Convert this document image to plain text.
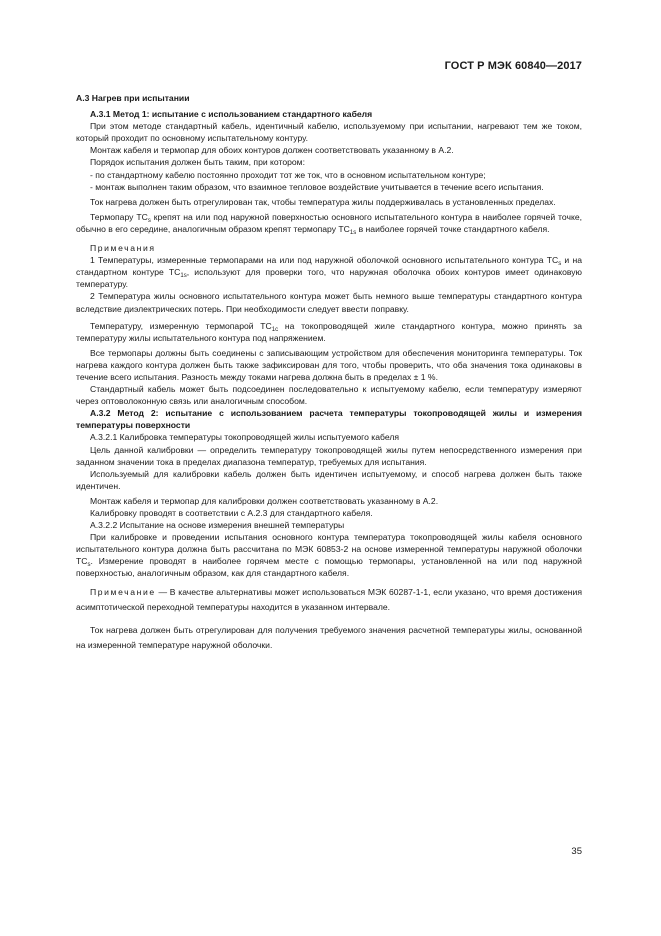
ГОСТ Р МЭК 60840—2017
А.3 Нагрев при испытании
А.3.1 Метод 1: испытание с использованием стандартного кабеля

При этом методе стандартный кабель, идентичный кабелю, используемому при испытании, нагревают тем же током, который проходит по основному испытательному контуру.

Монтаж кабеля и термопар для обоих контуров должен соответствовать указанному в А.2.

Порядок испытания должен быть таким, при котором:

- по стандартному кабелю постоянно проходит тот же ток, что в основном испытательном контуре;

- монтаж выполнен таким образом, что взаимное тепловое воздействие учитывается в течение всего испытания.

Ток нагрева должен быть отрегулирован так, чтобы температура жилы поддерживалась в установленных пределах.

Термопару $TC_s$ крепят на или под наружной поверхностью основного испытательного контура в наиболее горячей точке, обычно в его середине, аналогичным образом крепят термопару $TC_{1s}$ в наиболее горячей точке стандартного кабеля.

Примечания

1 Температуры, измеренные термопарами на или под наружной оболочкой основного испытательного контура $TC_s$ и на стандартном контуре $TC_{1s}$, используют для проверки того, что наружная оболочка обоих контуров имеет одинаковую температуру.

2 Температура жилы основного испытательного контура может быть немного выше температуры стандартного контура вследствие диэлектрических потерь. При необходимости следует ввести поправку.

Температуру, измеренную термопарой $TC_{1c}$ на токопроводящей жиле стандартного контура, можно принять за температуру жилы испытательного контура под напряжением.

Все термопары должны быть соединены с записывающим устройством для обеспечения мониторинга температуры. Ток нагрева каждого контура должен быть также зафиксирован для того, чтобы проверить, что оба значения тока одинаковы в течение всего испытания. Разность между токами нагрева должна быть в пределах ± 1 %.

Стандартный кабель может быть подсоединен последовательно к испытуемому кабелю, если температуру измеряют через оптоволоконную связь или аналогичным способом.

А.3.2 Метод 2: испытание с использованием расчета температуры токопроводящей жилы и измерения температуры поверхности

А.3.2.1 Калибровка температуры токопроводящей жилы испытуемого кабеля

Цель данной калибровки — определить температуру токопроводящей жилы путем непосредственного измерения при заданном значении тока в пределах диапазона температур, требуемых для испытания.

Используемый для калибровки кабель должен быть идентичен испытуемому, и способ нагрева должен быть также идентичен.

Монтаж кабеля и термопар для калибровки должен соответствовать указанному в А.2.

Калибровку проводят в соответствии с А.2.3 для стандартного кабеля.

А.3.2.2 Испытание на основе измерения внешней температуры

При калибровке и проведении испытания основного контура температура токопроводящей жилы кабеля основного испытательного контура должна быть рассчитана по МЭК 60853-2 на основе измеренной температуры наружной оболочки $TC_s$. Измерение проводят в наиболее горячем месте с помощью термопары, установленной на или под наружной поверхностью, аналогичным образом, как для стандартного кабеля.

Примечание — В качестве альтернативы может использоваться МЭК 60287-1-1, если указано, что время достижения асимптотической переходной температуры находится в указанном интервале.

Ток нагрева должен быть отрегулирован для получения требуемого значения расчетной температуры жилы, основанной на измеренной температуре наружной оболочки.

35
